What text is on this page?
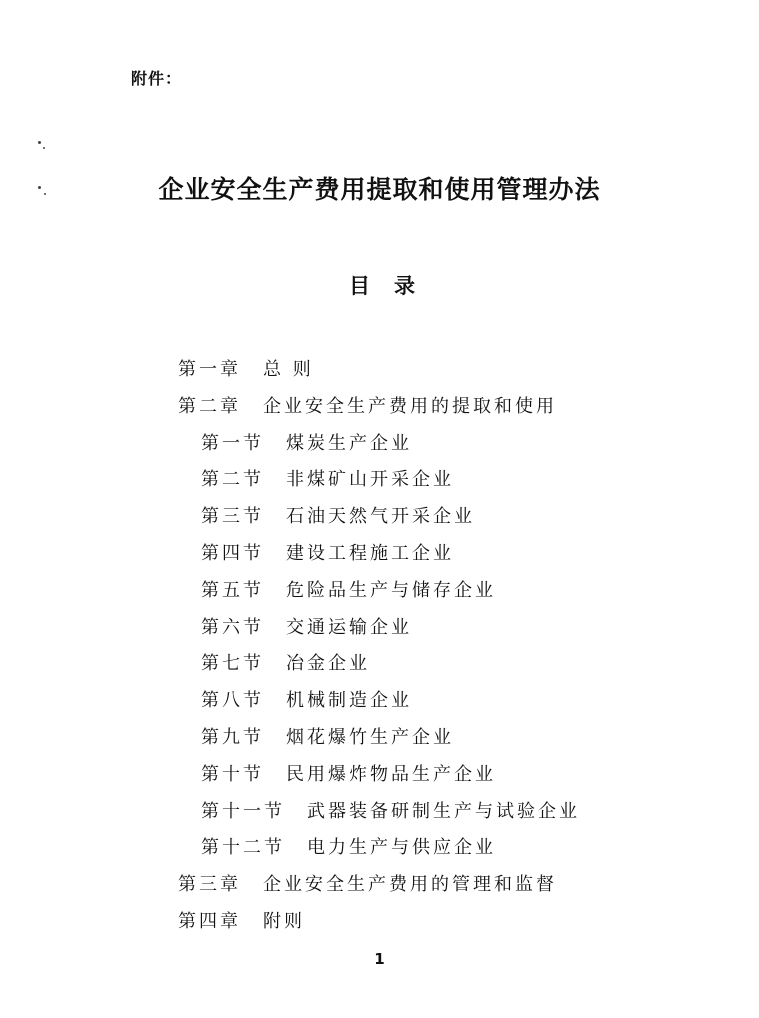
附件：
企业安全生产费用提取和使用管理办法
目录
第一章 总 则
第二章 企业安全生产费用的提取和使用
第一节 煤炭生产企业
第二节 非煤矿山开采企业
第三节 石油天然气开采企业
第四节 建设工程施工企业
第五节 危险品生产与储存企业
第六节 交通运输企业
第七节 冶金企业
第八节 机械制造企业
第九节 烟花爆竹生产企业
第十节 民用爆炸物品生产企业
第十一节 武器装备研制生产与试验企业
第十二节 电力生产与供应企业
第三章 企业安全生产费用的管理和监督
第四章 附则
1
